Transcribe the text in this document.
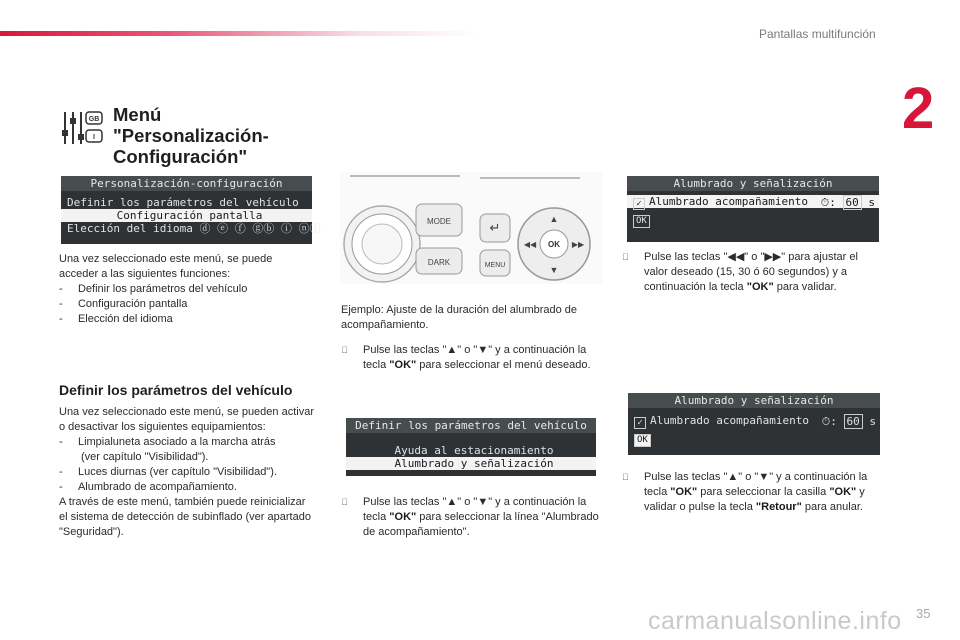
Pantallas multifunción
2
GB
I
Menú
"Personalización-
Configuración"
Personalización-configuración
Definir los parámetros del vehículo
Configuración pantalla
Elección del idioma ⓓ ⓔ ⓕ ⓖⓑ ⓘ ⓝⓛ

Una vez seleccionado este menú, se puede acceder a las siguientes funciones:

-     Definir los parámetros del vehículo

-     Configuración pantalla

-     Elección del idioma

Definir los parámetros del vehículo

Una vez seleccionado este menú, se pueden activar o desactivar los siguientes equipamientos:

-     Limpialuneta asociado a la marcha atrás

(ver capítulo "Visibilidad").

-     Luces diurnas (ver capítulo "Visibilidad").

-     Alumbrado de acompañamiento.

A través de este menú, también puede reinicializar el sistema de detección de subinflado (ver apartado "Seguridad").

MODE
DARK
↵
MENU
OK
▲
▼
◀◀	▶▶
Ejemplo: Ajuste de la duración del alumbrado de acompañamiento.
Pulse las teclas "▲" o "▼" y a continuación la tecla "OK" para seleccionar el menú deseado.
Definir los parámetros del vehículo
Ayuda al estacionamiento
Alumbrado y señalización
Pulse las teclas "▲" o "▼" y a continuación la tecla "OK" para seleccionar la línea "Alumbrado de acompañamiento".
Alumbrado y señalización
✓ Alumbrado acompañamiento ⏱: 60 s
OK
Pulse las teclas "◀◀" o "▶▶" para ajustar el valor deseado (15, 30 ó 60 segundos) y a continuación la tecla "OK" para validar.
Alumbrado y señalización
✓ Alumbrado acompañamiento ⏱: 60 s
OK
Pulse las teclas "▲" o "▼" y a continuación la tecla "OK" para seleccionar la casilla "OK" y validar o pulse la tecla "Retour" para anular.
carmanualsonline.info 35
